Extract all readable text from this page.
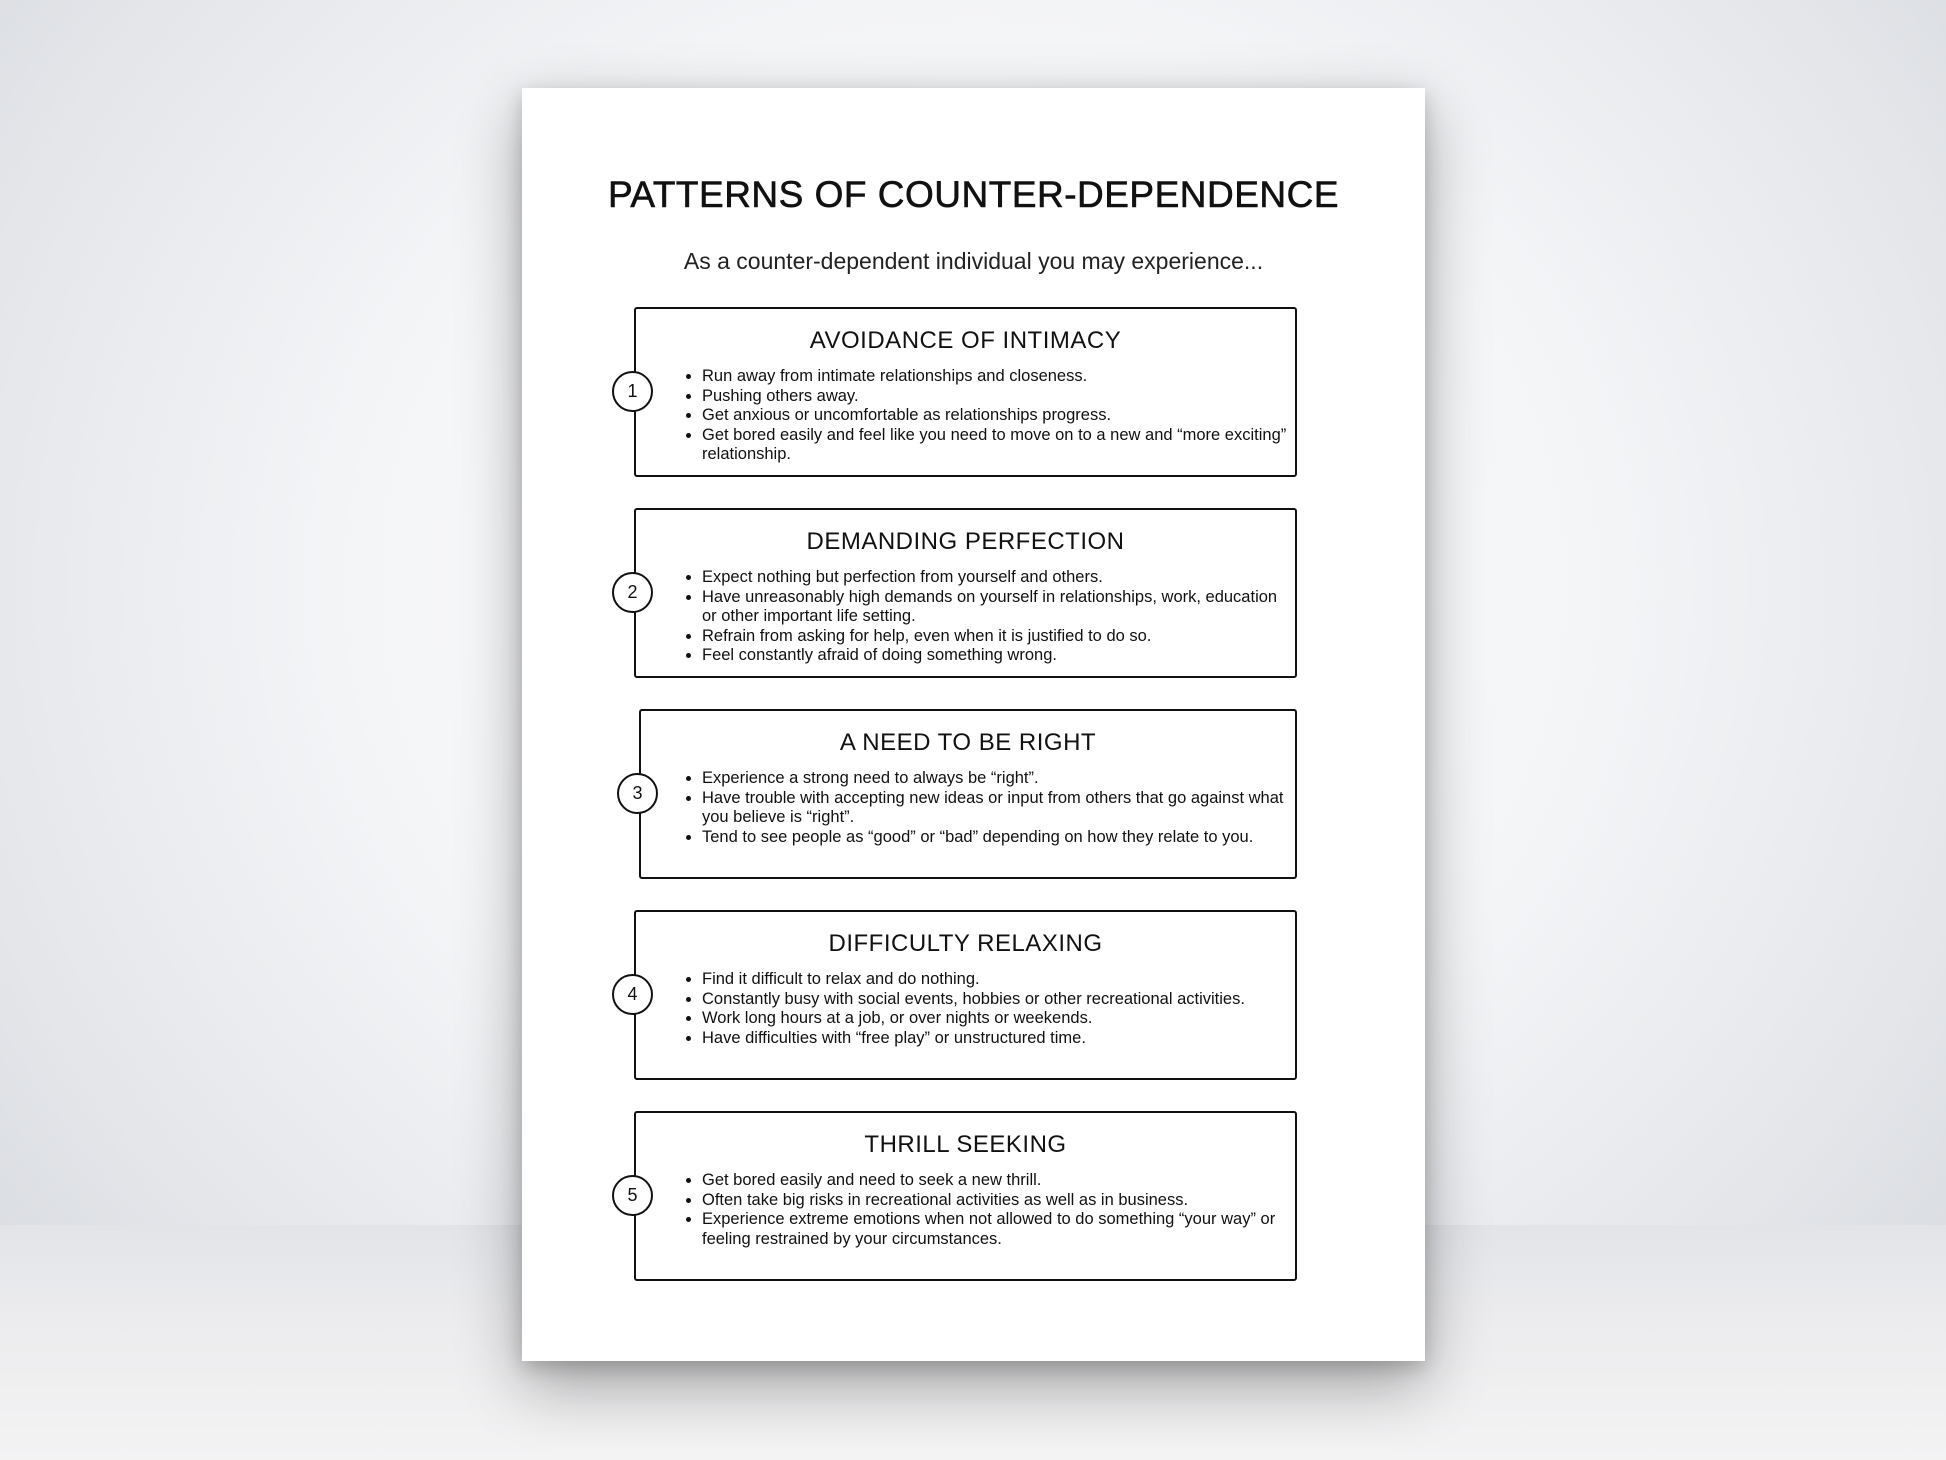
PATTERNS OF COUNTER-DEPENDENCE
As a counter-dependent individual you may experience...
1
AVOIDANCE OF INTIMACY
• Run away from intimate relationships and closeness.
• Pushing others away.
• Get anxious or uncomfortable as relationships progress.
• Get bored easily and feel like you need to move on to a new and “more exciting” relationship.
2
DEMANDING PERFECTION
• Expect nothing but perfection from yourself and others.
• Have unreasonably high demands on yourself in relationships, work, education or other important life setting.
• Refrain from asking for help, even when it is justified to do so.
• Feel constantly afraid of doing something wrong.
3
A NEED TO BE RIGHT
• Experience a strong need to always be “right”.
• Have trouble with accepting new ideas or input from others that go against what you believe is “right”.
• Tend to see people as “good” or “bad” depending on how they relate to you.
4
DIFFICULTY RELAXING
• Find it difficult to relax and do nothing.
• Constantly busy with social events, hobbies or other recreational activities.
• Work long hours at a job, or over nights or weekends.
• Have difficulties with “free play” or unstructured time.
5
THRILL SEEKING
• Get bored easily and need to seek a new thrill.
• Often take big risks in recreational activities as well as in business.
• Experience extreme emotions when not allowed to do something “your way” or feeling restrained by your circumstances.
